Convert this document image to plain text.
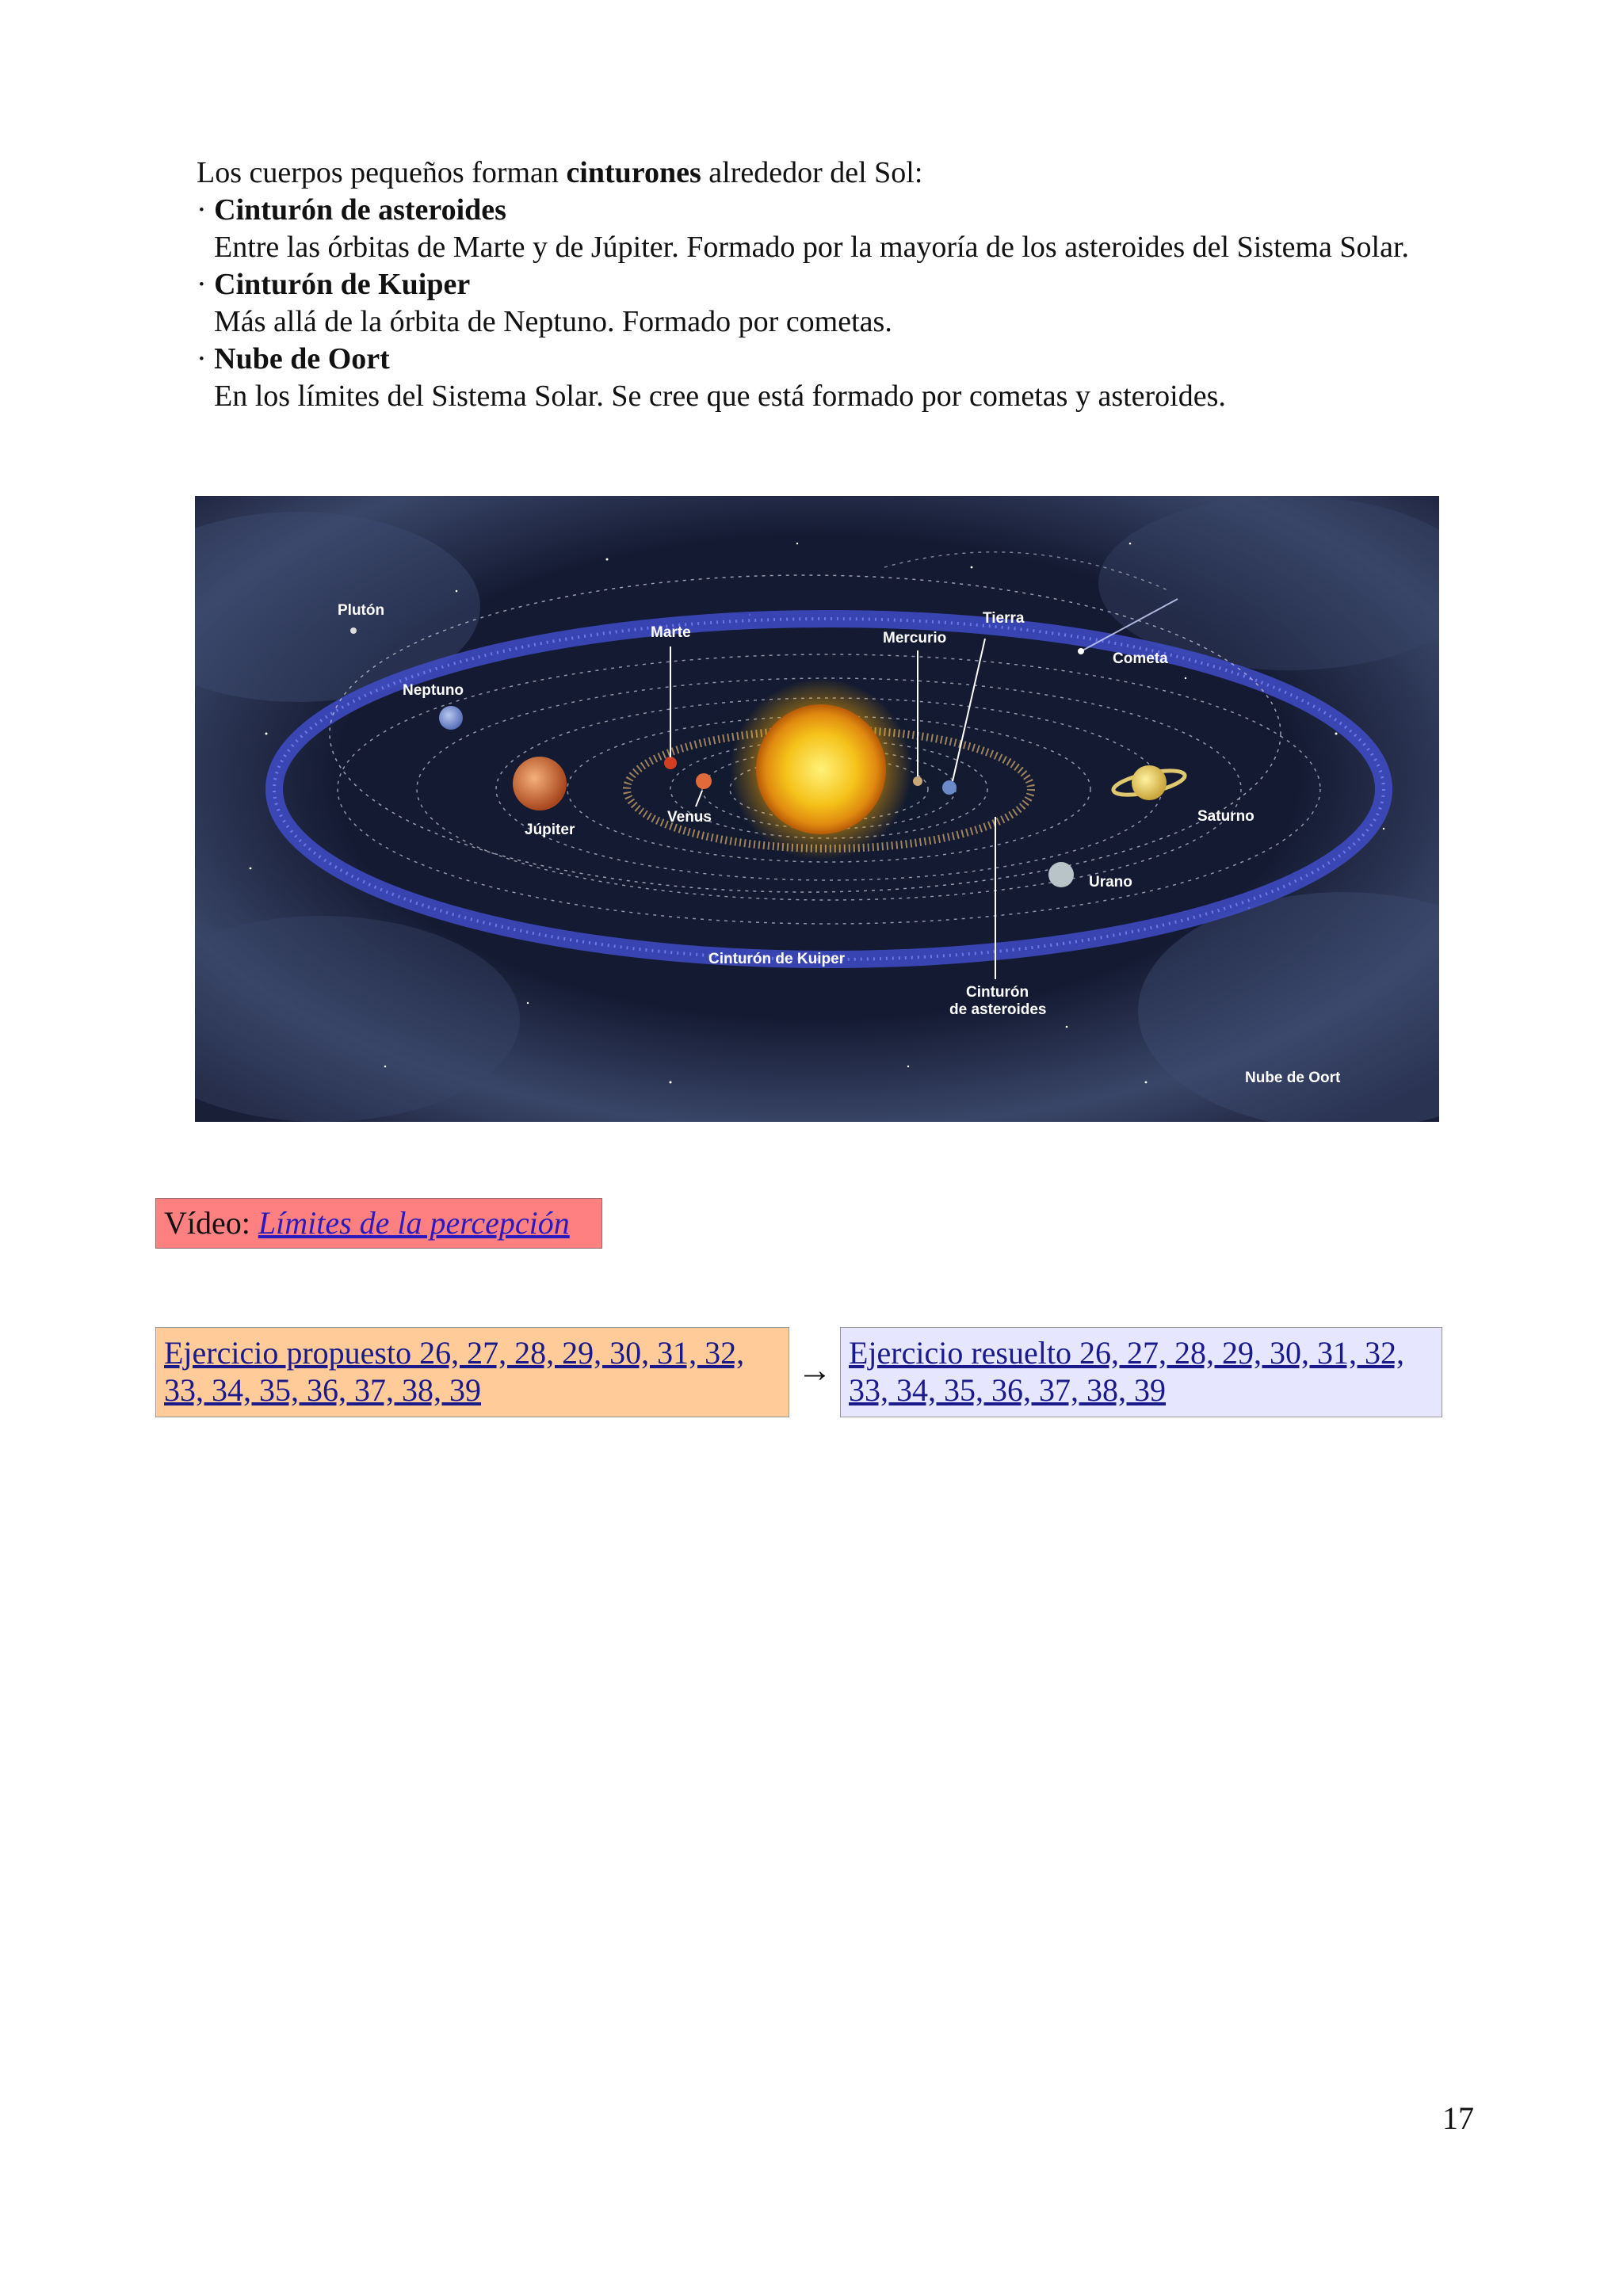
Los cuerpos pequeños forman cinturones alrededor del Sol:

· Cinturón de asteroides

Entre las órbitas de Marte y de Júpiter. Formado por la mayoría de los asteroides del Sistema Solar.

· Cinturón de Kuiper

Más allá de la órbita de Neptuno. Formado por cometas.

· Nube de Oort

En los límites del Sistema Solar. Se cree que está formado por cometas y asteroides.

Plutón
Marte	Mercurio
Tierra
Cometa
Neptuno
Júpiter
Venus	Saturno
Urano
Cinturón de Kuiper
Cinturón
de asteroides
Nube de Oort
Vídeo: Límites de la percepción
Ejercicio propuesto 26, 27, 28, 29, 30, 31, 32,
33, 34, 35, 36, 37, 38, 39
→ Ejercicio resuelto 26, 27, 28, 29, 30, 31, 32,
33, 34, 35, 36, 37, 38, 39
17
